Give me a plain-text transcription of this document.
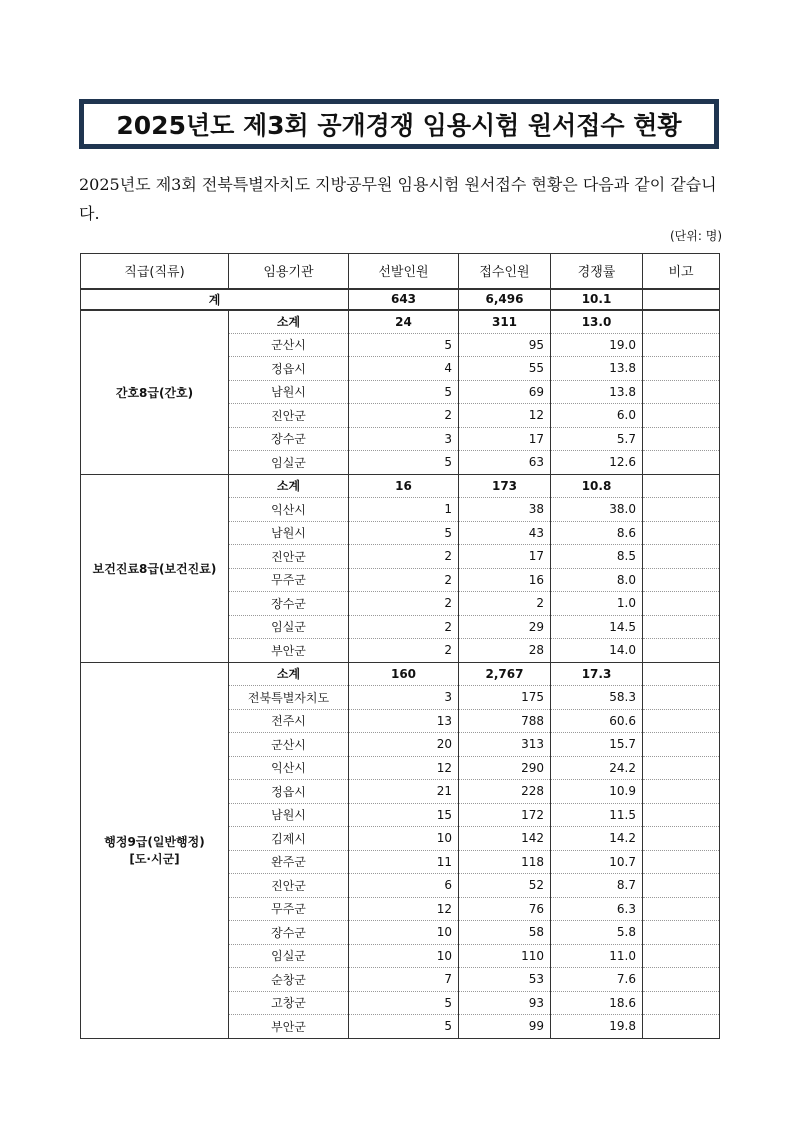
2025년도 제3회 공개경쟁 임용시험 원서접수 현황
2025년도 제3회 전북특별자치도 지방공무원 임용시험 원서접수 현황은 다음과 같이 같습니다.
(단위: 명)
직급(직류)	임용기관	선발인원	접수인원	경쟁률	비고
계		643	6,496	10.1	
간호8급(간호)	소계	24	311	13.0	
	군산시	5	95	19.0	
	정읍시	4	55	13.8	
	남원시	5	69	13.8	
	진안군	2	12	6.0	
	장수군	3	17	5.7	
	임실군	5	63	12.6	
보건진료8급(보건진료)	소계	16	173	10.8	
	익산시	1	38	38.0	
	남원시	5	43	8.6	
	진안군	2	17	8.5	
	무주군	2	16	8.0	
	장수군	2	2	1.0	
	임실군	2	29	14.5	
	부안군	2	28	14.0	
행정9급(일반행정)
[도·시군]	소계	160	2,767	17.3	
	전북특별자치도	3	175	58.3	
	전주시	13	788	60.6	
	군산시	20	313	15.7	
	익산시	12	290	24.2	
	정읍시	21	228	10.9	
	남원시	15	172	11.5	
	김제시	10	142	14.2	
	완주군	11	118	10.7	
	진안군	6	52	8.7	
	무주군	12	76	6.3	
	장수군	10	58	5.8	
	임실군	10	110	11.0	
	순창군	7	53	7.6	
	고창군	5	93	18.6	
	부안군	5	99	19.8	
